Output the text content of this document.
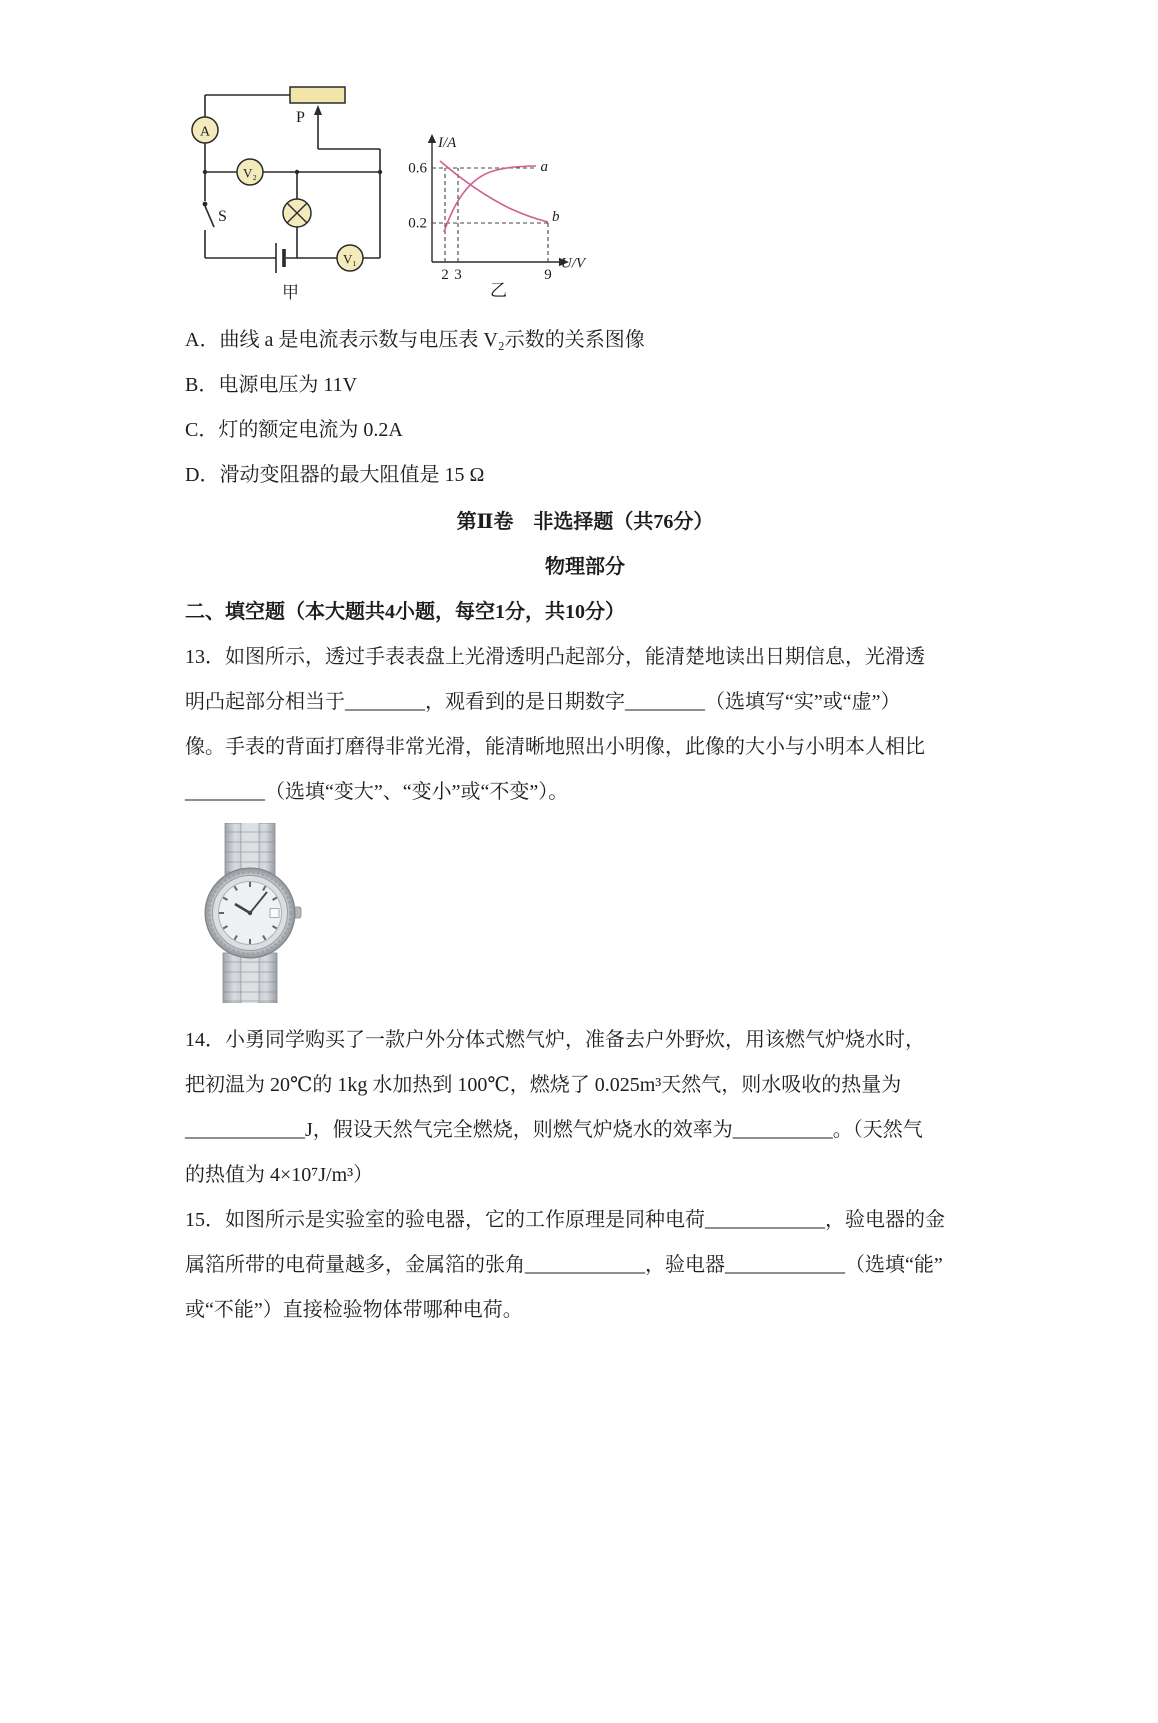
P
A
S
V₂
V₁
甲
I/A
U/V
0.6
0.2
2 3	9
a
b
乙
A．曲线 a 是电流表示数与电压表 V₂示数的关系图像
B．电源电压为 11V
C．灯的额定电流为 0.2A
D．滑动变阻器的最大阻值是 15 Ω
第Ⅱ卷　非选择题（共76分）
物理部分
二、填空题（本大题共4小题，每空1分，共10分）
13．如图所示，透过手表表盘上光滑透明凸起部分，能清楚地读出日期信息，光滑透
明凸起部分相当于________，观看到的是日期数字________（选填写“实”或“虚”）
像。手表的背面打磨得非常光滑，能清晰地照出小明像，此像的大小与小明本人相比
________（选填“变大”、“变小”或“不变”）。
14．小勇同学购买了一款户外分体式燃气炉，准备去户外野炊，用该燃气炉烧水时，
把初温为 20℃的 1kg 水加热到 100℃，燃烧了 0.025m³天然气，则水吸收的热量为
____________J，假设天然气完全燃烧，则燃气炉烧水的效率为__________。（天然气
的热值为 4×10⁷J/m³）
15．如图所示是实验室的验电器，它的工作原理是同种电荷____________，验电器的金
属箔所带的电荷量越多，金属箔的张角____________，验电器____________（选填“能”
或“不能”）直接检验物体带哪种电荷。
